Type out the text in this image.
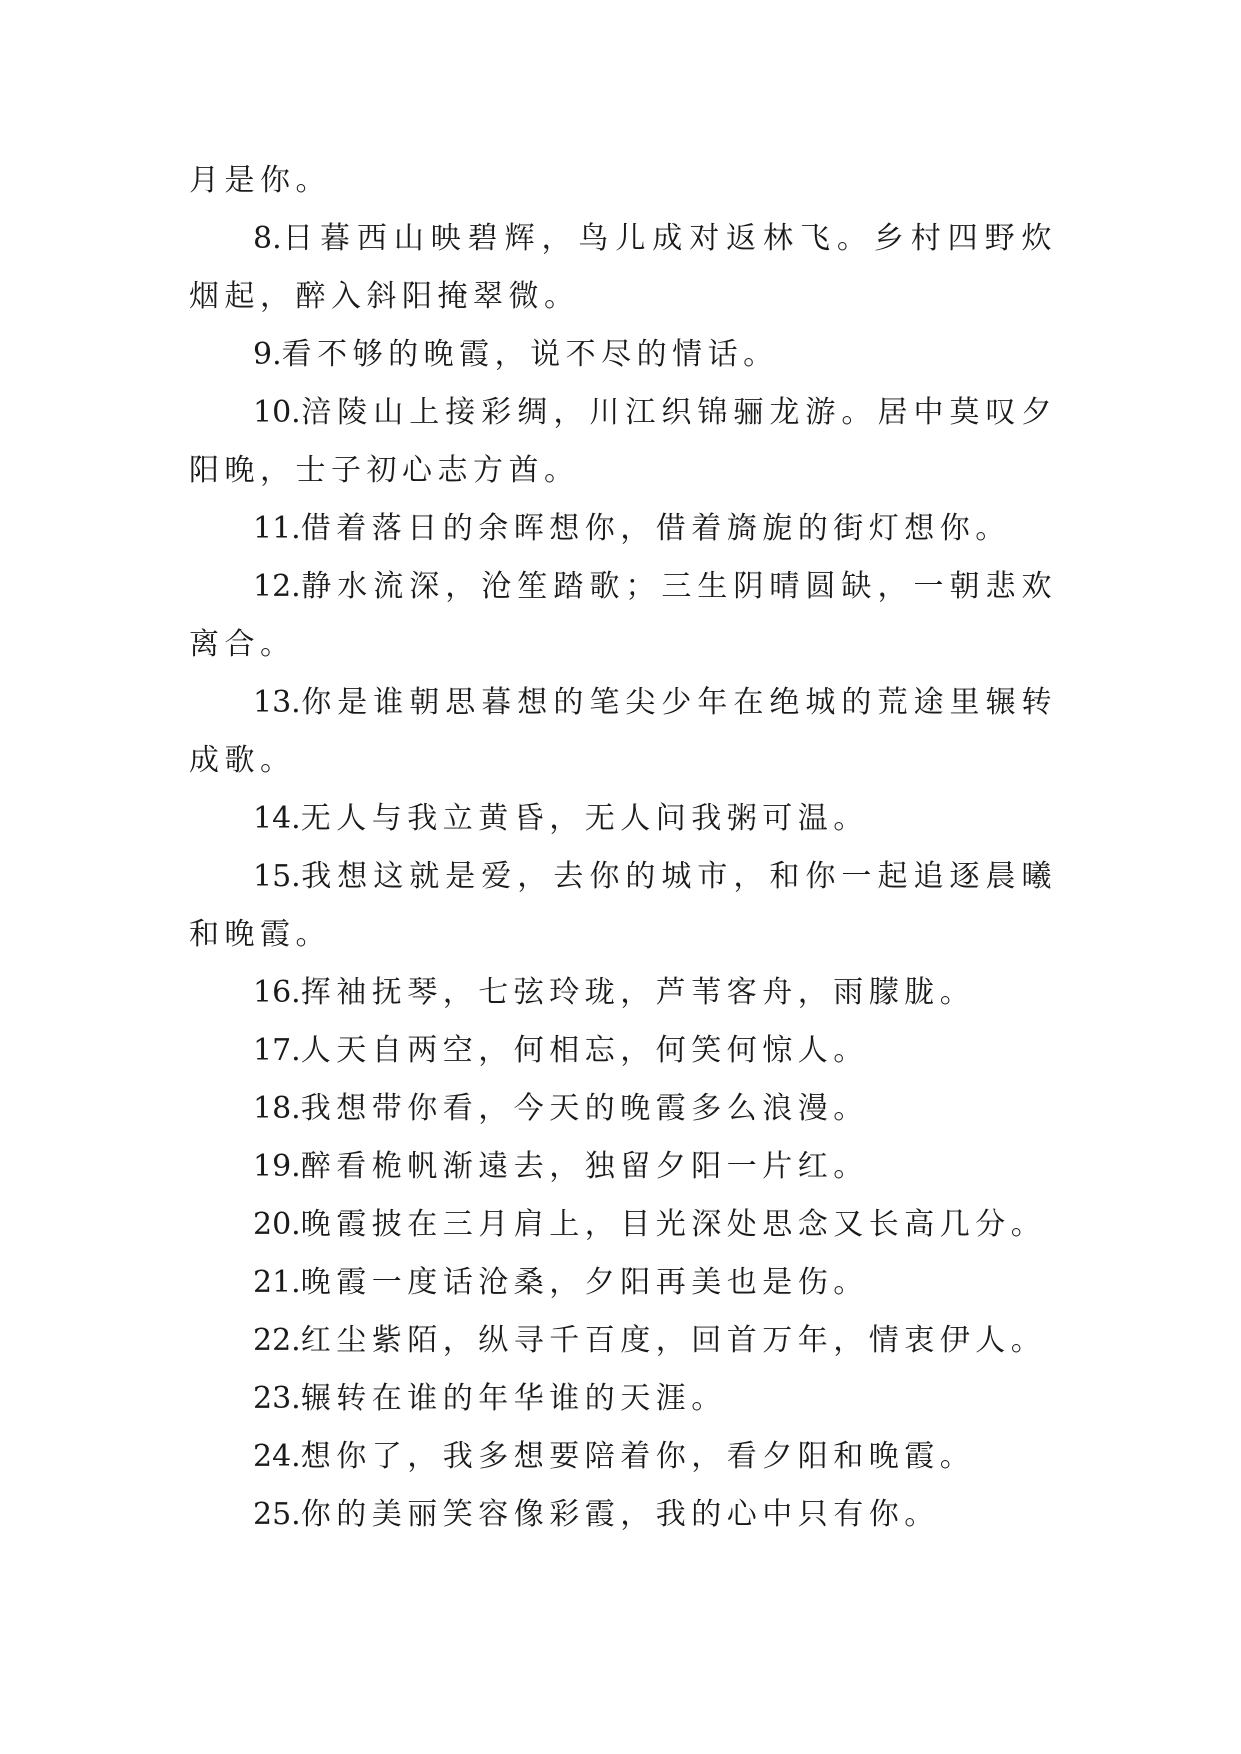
月是你。

8.日暮西山映碧辉，鸟儿成对返林飞。乡村四野炊烟起，醉入斜阳掩翠微。

9.看不够的晚霞，说不尽的情话。

10.涪陵山上接彩绸，川江织锦骊龙游。居中莫叹夕阳晚，士子初心志方酋。

11.借着落日的余晖想你，借着旖旎的街灯想你。

12.静水流深，沧笙踏歌；三生阴晴圆缺，一朝悲欢离合。

13.你是谁朝思暮想的笔尖少年在绝城的荒途里辗转成歌。

14.无人与我立黄昏，无人问我粥可温。

15.我想这就是爱，去你的城市，和你一起追逐晨曦和晚霞。

16.挥袖抚琴，七弦玲珑，芦苇客舟，雨朦胧。

17.人天自两空，何相忘，何笑何惊人。

18.我想带你看，今天的晚霞多么浪漫。

19.醉看桅帆渐遠去，独留夕阳一片红。

20.晚霞披在三月肩上，目光深处思念又长高几分。

21.晚霞一度话沧桑，夕阳再美也是伤。

22.红尘紫陌，纵寻千百度，回首万年，情衷伊人。

23.辗转在谁的年华谁的天涯。

24.想你了，我多想要陪着你，看夕阳和晚霞。

25.你的美丽笑容像彩霞，我的心中只有你。
